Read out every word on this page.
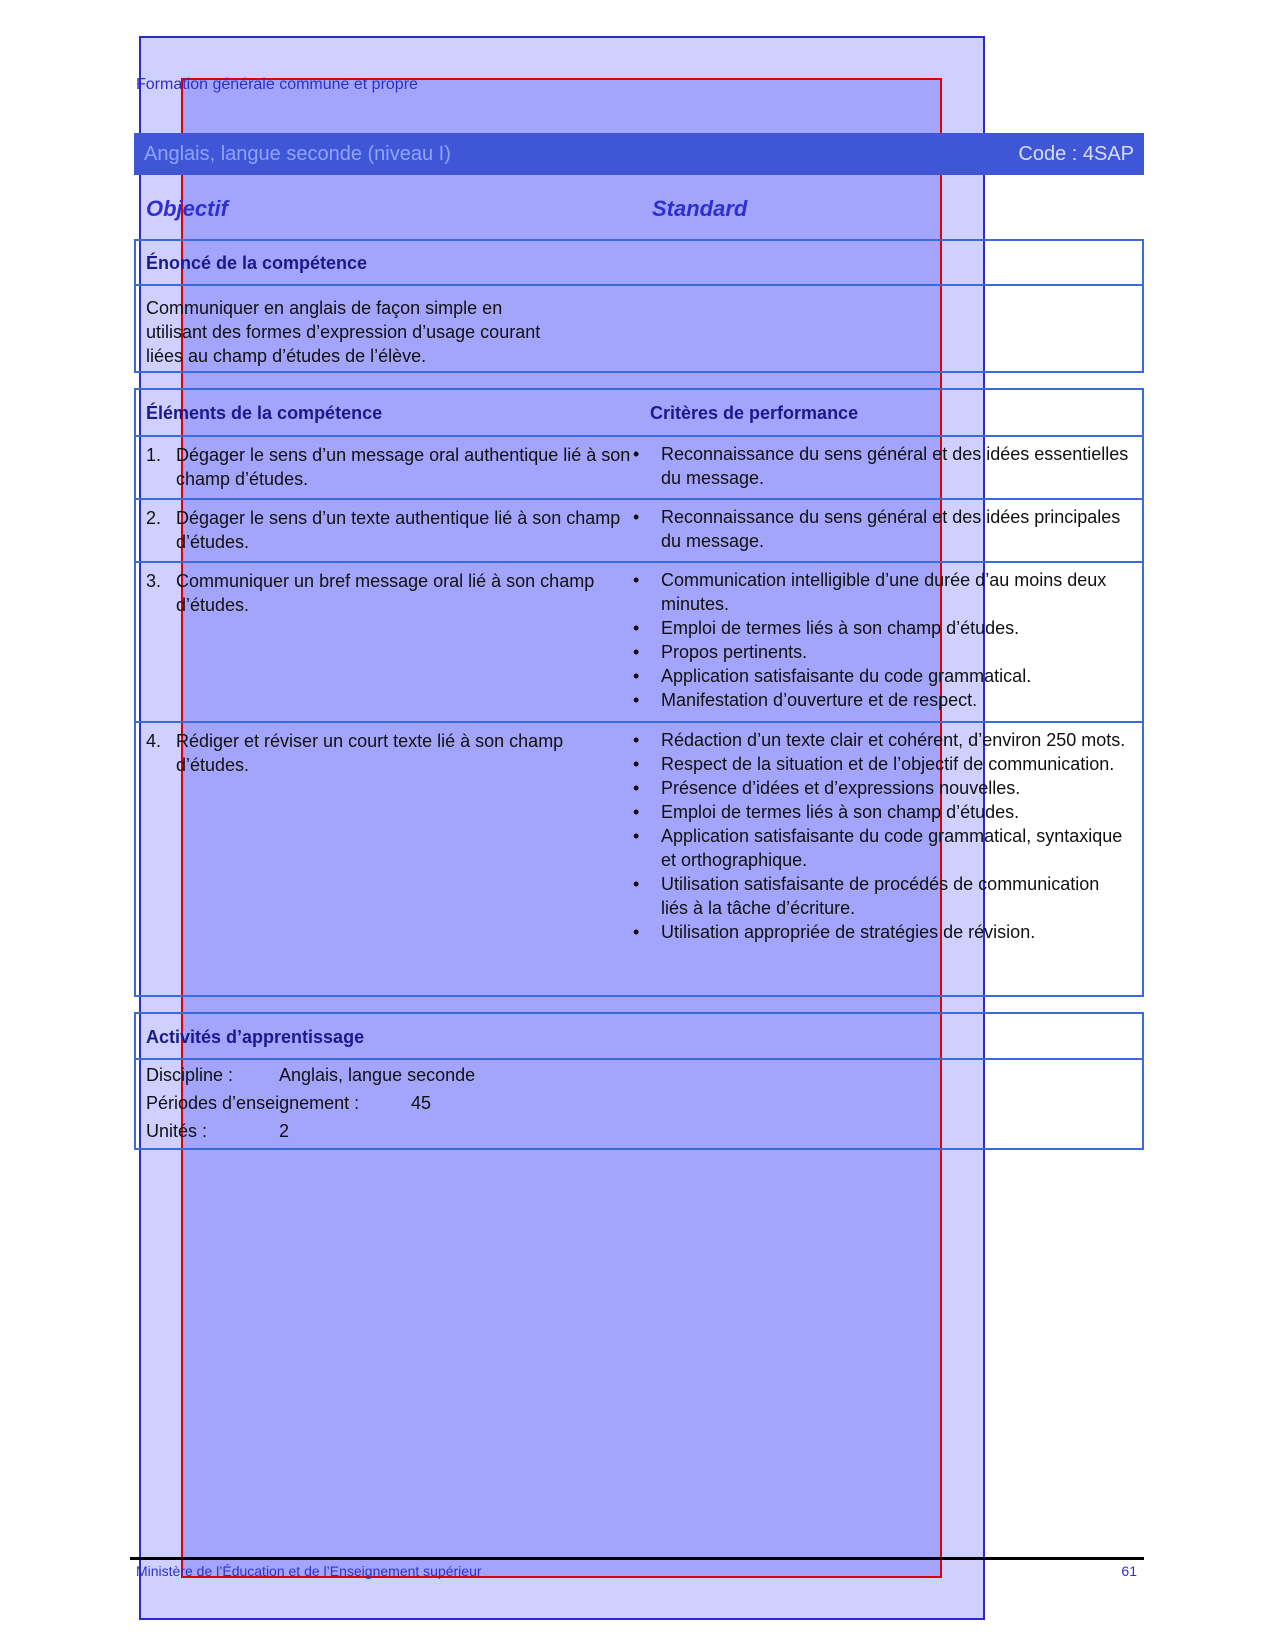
Formation générale commune et propre
Anglais, langue seconde (niveau I)	Code : 4SAP
Objectif	Standard
Énoncé de la compétence
Communiquer en anglais de façon simple en
utilisant des formes d’expression d’usage courant
liées au champ d’études de l’élève.
Éléments de la compétence	Critères de performance
1. Dégager le sens d’un message oral authentique lié à son champ d’études.
• Reconnaissance du sens général et des idées essentielles du message.
2. Dégager le sens d’un texte authentique lié à son champ d’études.
• Reconnaissance du sens général et des idées principales du message.
3. Communiquer un bref message oral lié à son champ d’études.
• Communication intelligible d’une durée d’au moins deux minutes.
• Emploi de termes liés à son champ d’études.
• Propos pertinents.
• Application satisfaisante du code grammatical.
• Manifestation d’ouverture et de respect.
4. Rédiger et réviser un court texte lié à son champ d’études.
• Rédaction d’un texte clair et cohérent, d’environ 250 mots.
• Respect de la situation et de l’objectif de communication.
• Présence d’idées et d’expressions nouvelles.
• Emploi de termes liés à son champ d’études.
• Application satisfaisante du code grammatical, syntaxique et orthographique.
• Utilisation satisfaisante de procédés de communication liés à la tâche d’écriture.
• Utilisation appropriée de stratégies de révision.
Activités d’apprentissage
Discipline :	Anglais, langue seconde
Périodes d’enseignement :	45
Unités :	2
Ministère de l’Éducation et de l’Enseignement supérieur	61
